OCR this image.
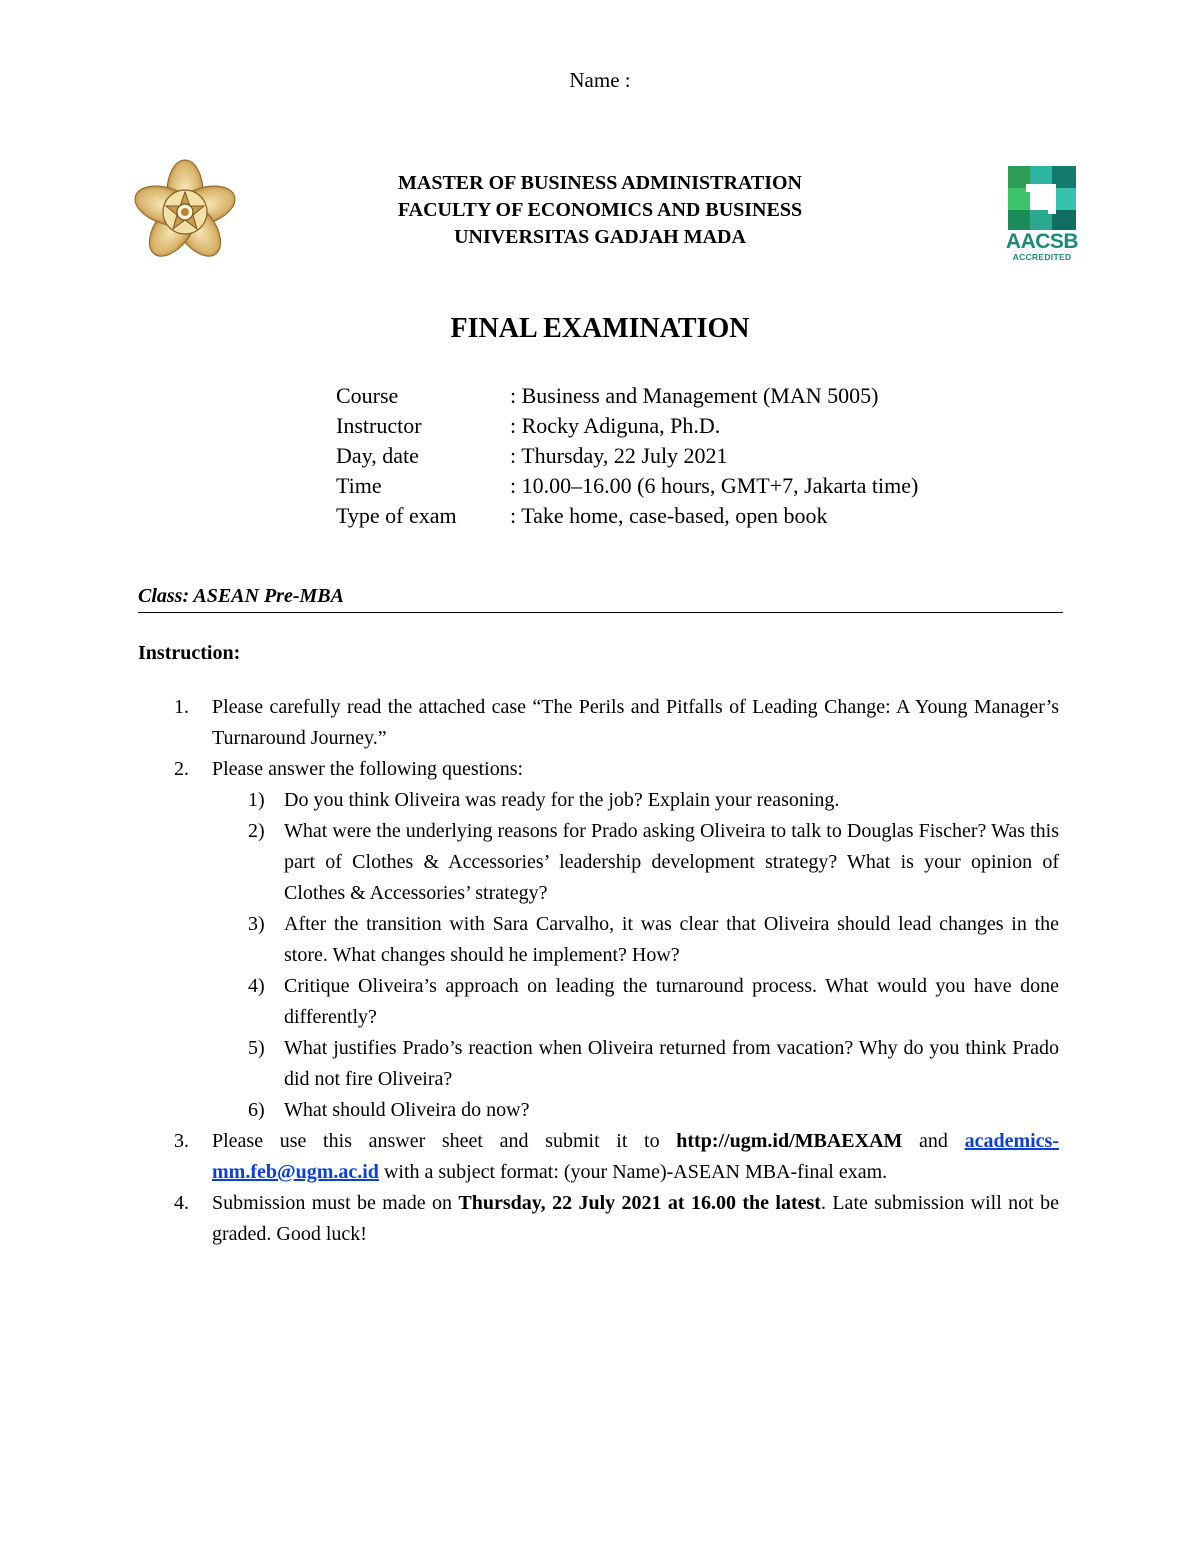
Name :
MASTER OF BUSINESS ADMINISTRATION
FACULTY OF ECONOMICS AND BUSINESS
UNIVERSITAS GADJAH MADA	AACSB
ACCREDITED
FINAL EXAMINATION
Course	: Business and Management (MAN 5005)
Instructor	: Rocky Adiguna, Ph.D.
Day, date	: Thursday, 22 July 2021
Time	: 10.00–16.00 (6 hours, GMT+7, Jakarta time)
Type of exam	: Take home, case-based, open book
Class: ASEAN Pre-MBA
Instruction:
1. Please carefully read the attached case “The Perils and Pitfalls of Leading Change: A Young Manager’s Turnaround Journey.”
2. Please answer the following questions:
1) Do you think Oliveira was ready for the job? Explain your reasoning.
2) What were the underlying reasons for Prado asking Oliveira to talk to Douglas Fischer? Was this part of Clothes & Accessories’ leadership development strategy? What is your opinion of Clothes & Accessories’ strategy?
3) After the transition with Sara Carvalho, it was clear that Oliveira should lead changes in the store. What changes should he implement? How?
4) Critique Oliveira’s approach on leading the turnaround process. What would you have done differently?
5) What justifies Prado’s reaction when Oliveira returned from vacation? Why do you think Prado did not fire Oliveira?
6) What should Oliveira do now?
3. Please use this answer sheet and submit it to http://ugm.id/MBAEXAM and academics-mm.feb@ugm.ac.id with a subject format: (your Name)-ASEAN MBA-final exam.
4. Submission must be made on Thursday, 22 July 2021 at 16.00 the latest. Late submission will not be graded. Good luck!
